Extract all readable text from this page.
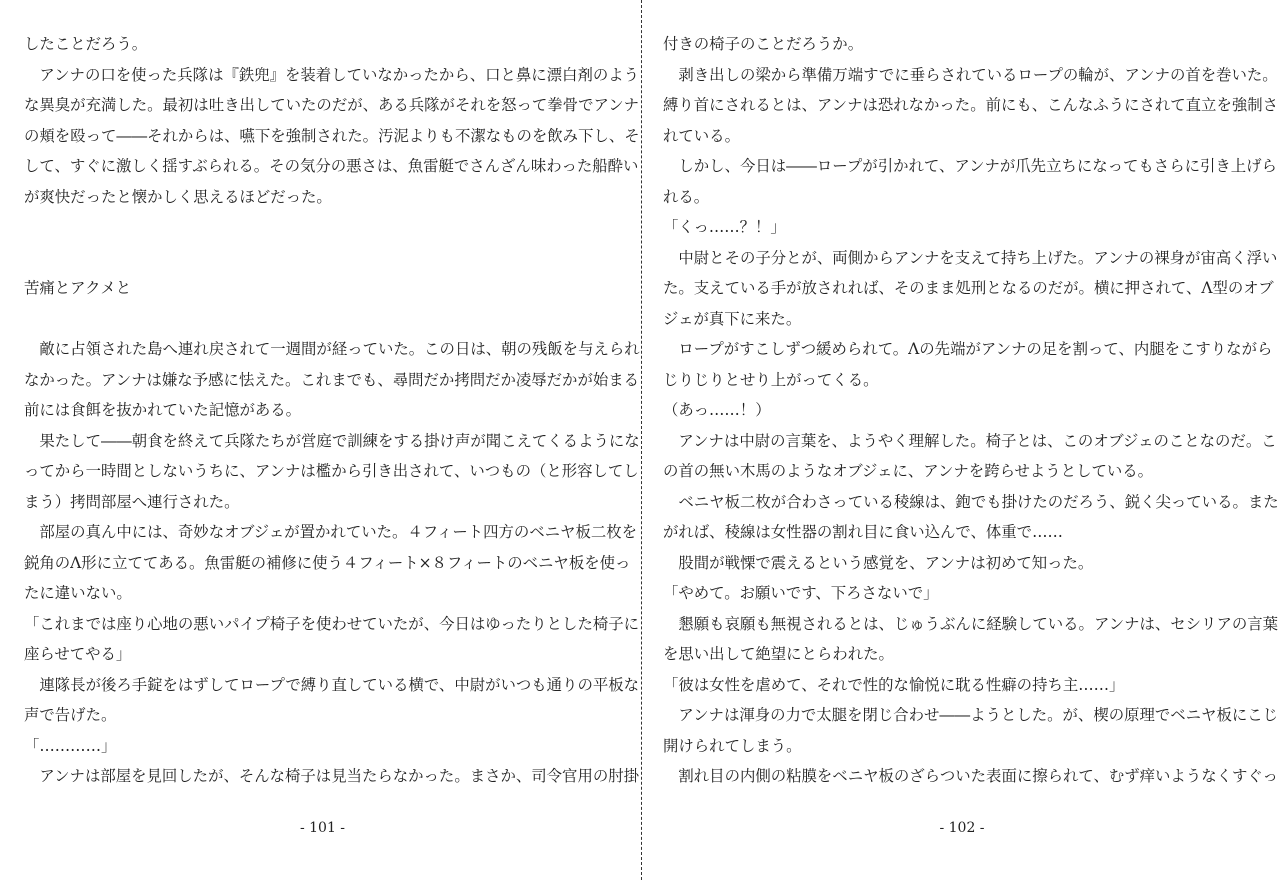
したことだろう。
　アンナの口を使った兵隊は『鉄兜』を装着していなかったから、口と鼻に漂白剤のよう
な異臭が充満した。最初は吐き出していたのだが、ある兵隊がそれを怒って拳骨でアンナ
の頬を殴って――それからは、嚥下を強制された。汚泥よりも不潔なものを飲み下し、そ
して、すぐに激しく揺すぶられる。その気分の悪さは、魚雷艇でさんざん味わった船酔い
が爽快だったと懐かしく思えるほどだった。

苦痛とアクメと

　敵に占領された島へ連れ戻されて一週間が経っていた。この日は、朝の残飯を与えられ
なかった。アンナは嫌な予感に怯えた。これまでも、尋問だか拷問だか凌辱だかが始まる
前には食餌を抜かれていた記憶がある。
　果たして――朝食を終えて兵隊たちが営庭で訓練をする掛け声が聞こえてくるようにな
ってから一時間としないうちに、アンナは檻から引き出されて、いつもの（と形容してし
まう）拷問部屋へ連行された。
　部屋の真ん中には、奇妙なオブジェが置かれていた。４フィート四方のベニヤ板二枚を
鋭角のΛ形に立ててある。魚雷艇の補修に使う４フィート×８フィートのベニヤ板を使っ
たに違いない。
「これまでは座り心地の悪いパイプ椅子を使わせていたが、今日はゆったりとした椅子に
座らせてやる」
　連隊長が後ろ手錠をはずしてロープで縛り直している横で、中尉がいつも通りの平板な
声で告げた。
「…………」
　アンナは部屋を見回したが、そんな椅子は見当たらなかった。まさか、司令官用の肘掛
- 101 -
付きの椅子のことだろうか。
　剥き出しの梁から準備万端すでに垂らされているロープの輪が、アンナの首を巻いた。
縛り首にされるとは、アンナは恐れなかった。前にも、こんなふうにされて直立を強制さ
れている。
　しかし、今日は――ロープが引かれて、アンナが爪先立ちになってもさらに引き上げら
れる。
「くっ……？！」
　中尉とその子分とが、両側からアンナを支えて持ち上げた。アンナの裸身が宙高く浮い
た。支えている手が放されれば、そのまま処刑となるのだが。横に押されて、Λ型のオブ
ジェが真下に来た。
　ロープがすこしずつ緩められて。Λの先端がアンナの足を割って、内腿をこすりながら
じりじりとせり上がってくる。
（あっ……！）
　アンナは中尉の言葉を、ようやく理解した。椅子とは、このオブジェのことなのだ。こ
の首の無い木馬のようなオブジェに、アンナを跨らせようとしている。
　ベニヤ板二枚が合わさっている稜線は、鉋でも掛けたのだろう、鋭く尖っている。また
がれば、稜線は女性器の割れ目に食い込んで、体重で……
　股間が戦慄で震えるという感覚を、アンナは初めて知った。
「やめて。お願いです、下ろさないで」
　懇願も哀願も無視されるとは、じゅうぶんに経験している。アンナは、セシリアの言葉
を思い出して絶望にとらわれた。
「彼は女性を虐めて、それで性的な愉悦に耽る性癖の持ち主……」
　アンナは渾身の力で太腿を閉じ合わせ――ようとした。が、楔の原理でベニヤ板にこじ
開けられてしまう。
　割れ目の内側の粘膜をベニヤ板のざらついた表面に擦られて、むず痒いようなくすぐっ
- 102 -
